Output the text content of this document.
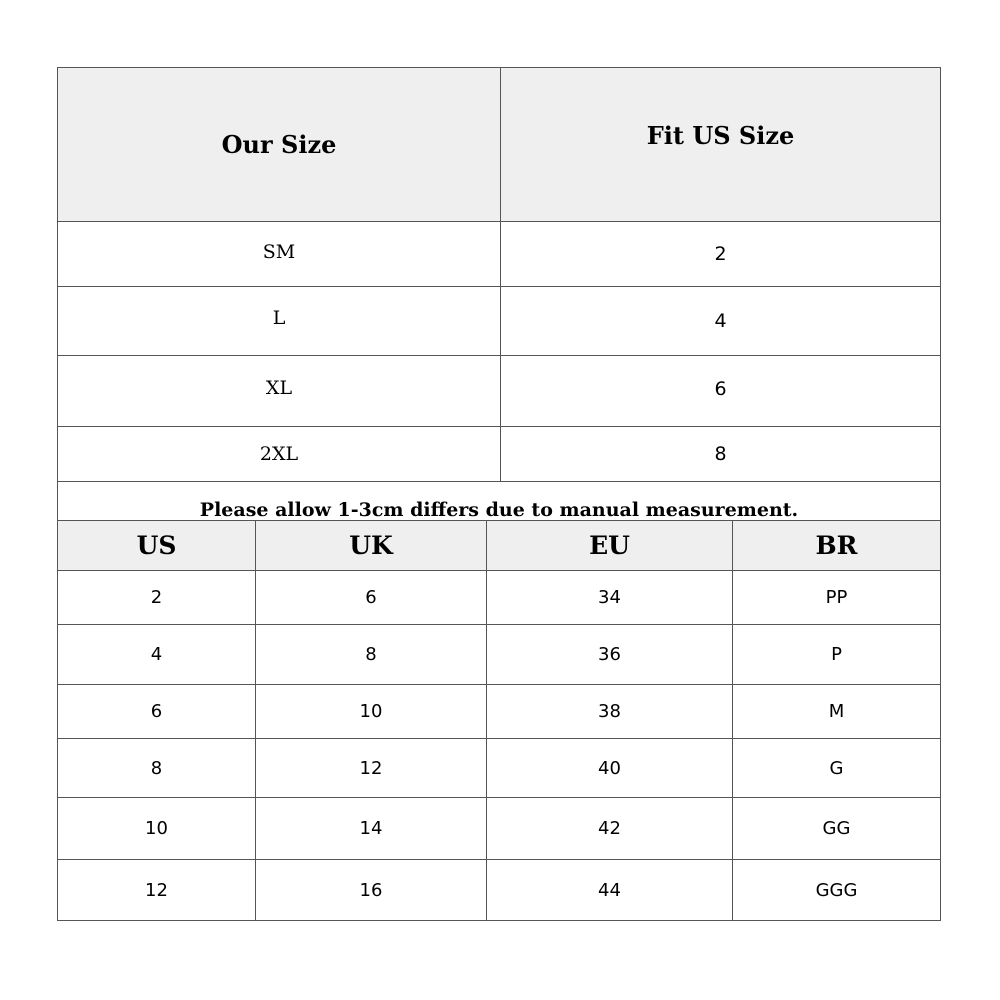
Our Size	Fit US Size
SM	2
L	4
XL	6
2XL	8
Please allow 1-3cm differs due to manual measurement.	
US	UK	EU	BR
2	6	34	PP
4	8	36	P
6	10	38	M
8	12	40	G
10	14	42	GG
12	16	44	GGG
